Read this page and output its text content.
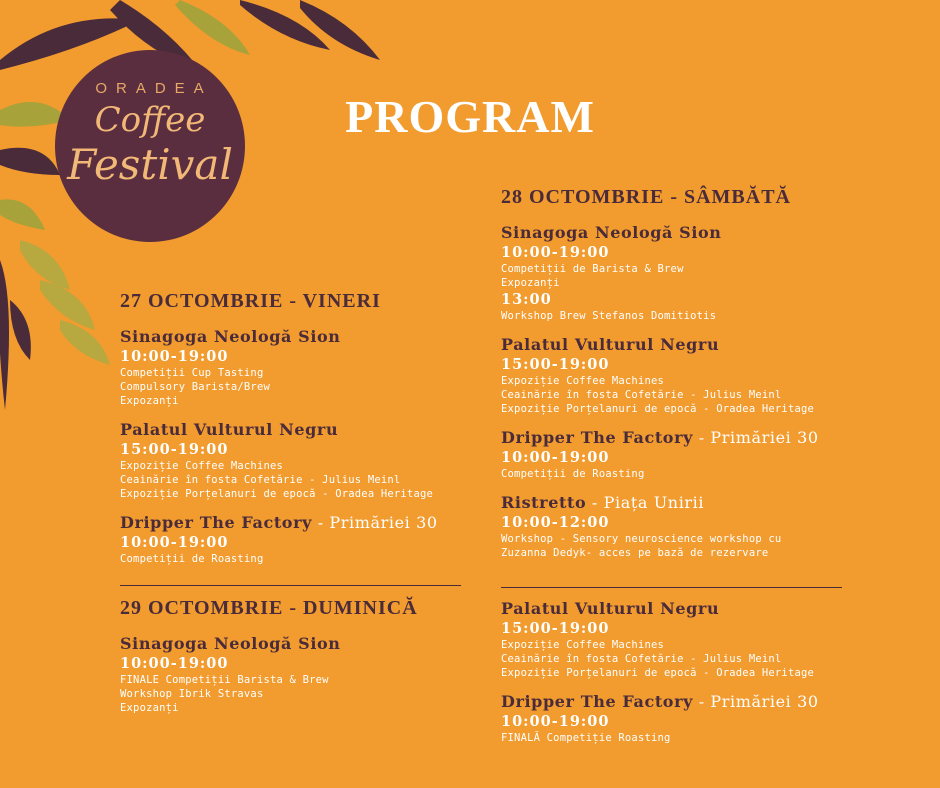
ORADEA
Coffee
Festival
PROGRAM
27 OCTOMBRIE - VINERI
Sinagoga Neologă Sion
10:00-19:00
Competiții Cup Tasting
Compulsory Barista/Brew
Expozanți
Palatul Vulturul Negru
15:00-19:00
Expoziție Coffee Machines
Ceainărie în fosta Cofetărie - Julius Meinl
Expoziție Porțelanuri de epocă - Oradea Heritage
Dripper The Factory - Primăriei 30
10:00-19:00
Competiții de Roasting
29 OCTOMBRIE - DUMINICĂ
Sinagoga Neologă Sion
10:00-19:00
FINALE Competiții Barista & Brew
Workshop Ibrik Stravas
Expozanți
28 OCTOMBRIE - SÂMBĂTĂ
Sinagoga Neologă Sion
10:00-19:00
Competiții de Barista & Brew
Expozanți
13:00
Workshop Brew Stefanos Domitiotis
Palatul Vulturul Negru
15:00-19:00
Expoziție Coffee Machines
Ceainărie în fosta Cofetărie - Julius Meinl
Expoziție Porțelanuri de epocă - Oradea Heritage
Dripper The Factory - Primăriei 30
10:00-19:00
Competiții de Roasting
Ristretto - Piața Unirii
10:00-12:00
Workshop - Sensory neuroscience workshop cu
Zuzanna Dedyk- acces pe bază de rezervare
Palatul Vulturul Negru
15:00-19:00
Expoziție Coffee Machines
Ceainărie în fosta Cofetărie - Julius Meinl
Expoziție Porțelanuri de epocă - Oradea Heritage
Dripper The Factory - Primăriei 30
10:00-19:00
FINALĂ Competiție Roasting
